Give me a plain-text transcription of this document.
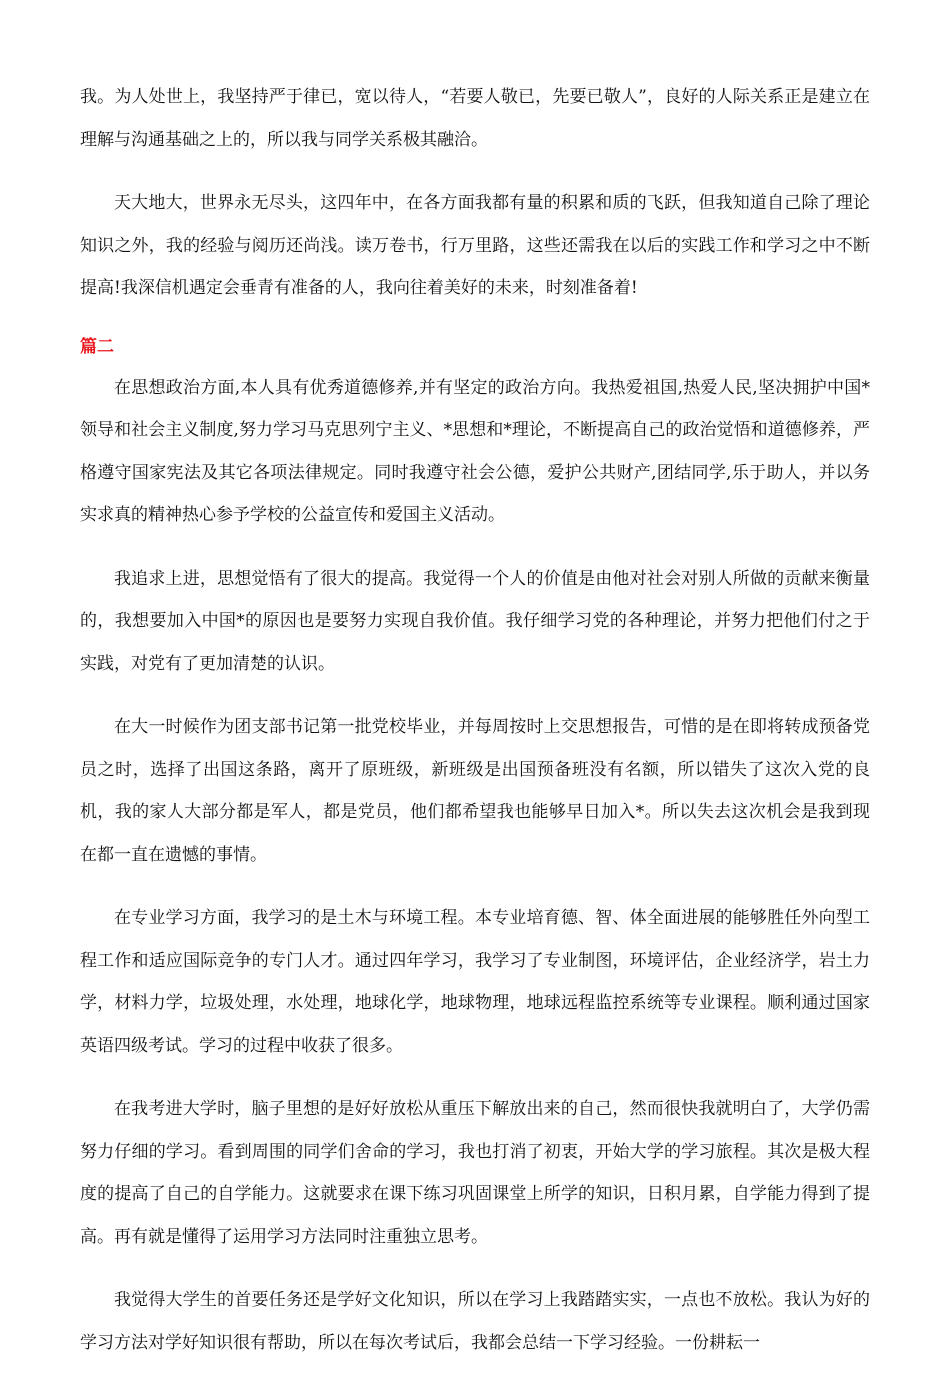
我。为人处世上，我坚持严于律已，宽以待人，“若要人敬已，先要已敬人”，良好的人际关系正是建立在理解与沟通基础之上的，所以我与同学关系极其融洽。

天大地大，世界永无尽头，这四年中，在各方面我都有量的积累和质的飞跃，但我知道自己除了理论知识之外，我的经验与阅历还尚浅。读万卷书，行万里路，这些还需我在以后的实践工作和学习之中不断提高!我深信机遇定会垂青有准备的人，我向往着美好的未来，时刻准备着!

篇二

在思想政治方面,本人具有优秀道德修养,并有坚定的政治方向。我热爱祖国,热爱人民,坚决拥护中国*领导和社会主义制度,努力学习马克思列宁主义、*思想和*理论，不断提高自己的政治觉悟和道德修养，严格遵守国家宪法及其它各项法律规定。同时我遵守社会公德，爱护公共财产,团结同学,乐于助人，并以务实求真的精神热心参予学校的公益宣传和爱国主义活动。

我追求上进，思想觉悟有了很大的提高。我觉得一个人的价值是由他对社会对别人所做的贡献来衡量的，我想要加入中国*的原因也是要努力实现自我价值。我仔细学习党的各种理论，并努力把他们付之于实践，对党有了更加清楚的认识。

在大一时候作为团支部书记第一批党校毕业，并每周按时上交思想报告，可惜的是在即将转成预备党员之时，选择了出国这条路，离开了原班级，新班级是出国预备班没有名额，所以错失了这次入党的良机，我的家人大部分都是军人，都是党员，他们都希望我也能够早日加入*。所以失去这次机会是我到现在都一直在遗憾的事情。

在专业学习方面，我学习的是土木与环境工程。本专业培育德、智、体全面进展的能够胜任外向型工程工作和适应国际竞争的专门人才。通过四年学习，我学习了专业制图，环境评估，企业经济学，岩土力学，材料力学，垃圾处理，水处理，地球化学，地球物理，地球远程监控系统等专业课程。顺利通过国家英语四级考试。学习的过程中收获了很多。

在我考进大学时，脑子里想的是好好放松从重压下解放出来的自己，然而很快我就明白了，大学仍需努力仔细的学习。看到周围的同学们舍命的学习，我也打消了初衷，开始大学的学习旅程。其次是极大程度的提高了自己的自学能力。这就要求在课下练习巩固课堂上所学的知识，日积月累，自学能力得到了提高。再有就是懂得了运用学习方法同时注重独立思考。

我觉得大学生的首要任务还是学好文化知识，所以在学习上我踏踏实实，一点也不放松。我认为好的学习方法对学好知识很有帮助，所以在每次考试后，我都会总结一下学习经验。一份耕耘一
